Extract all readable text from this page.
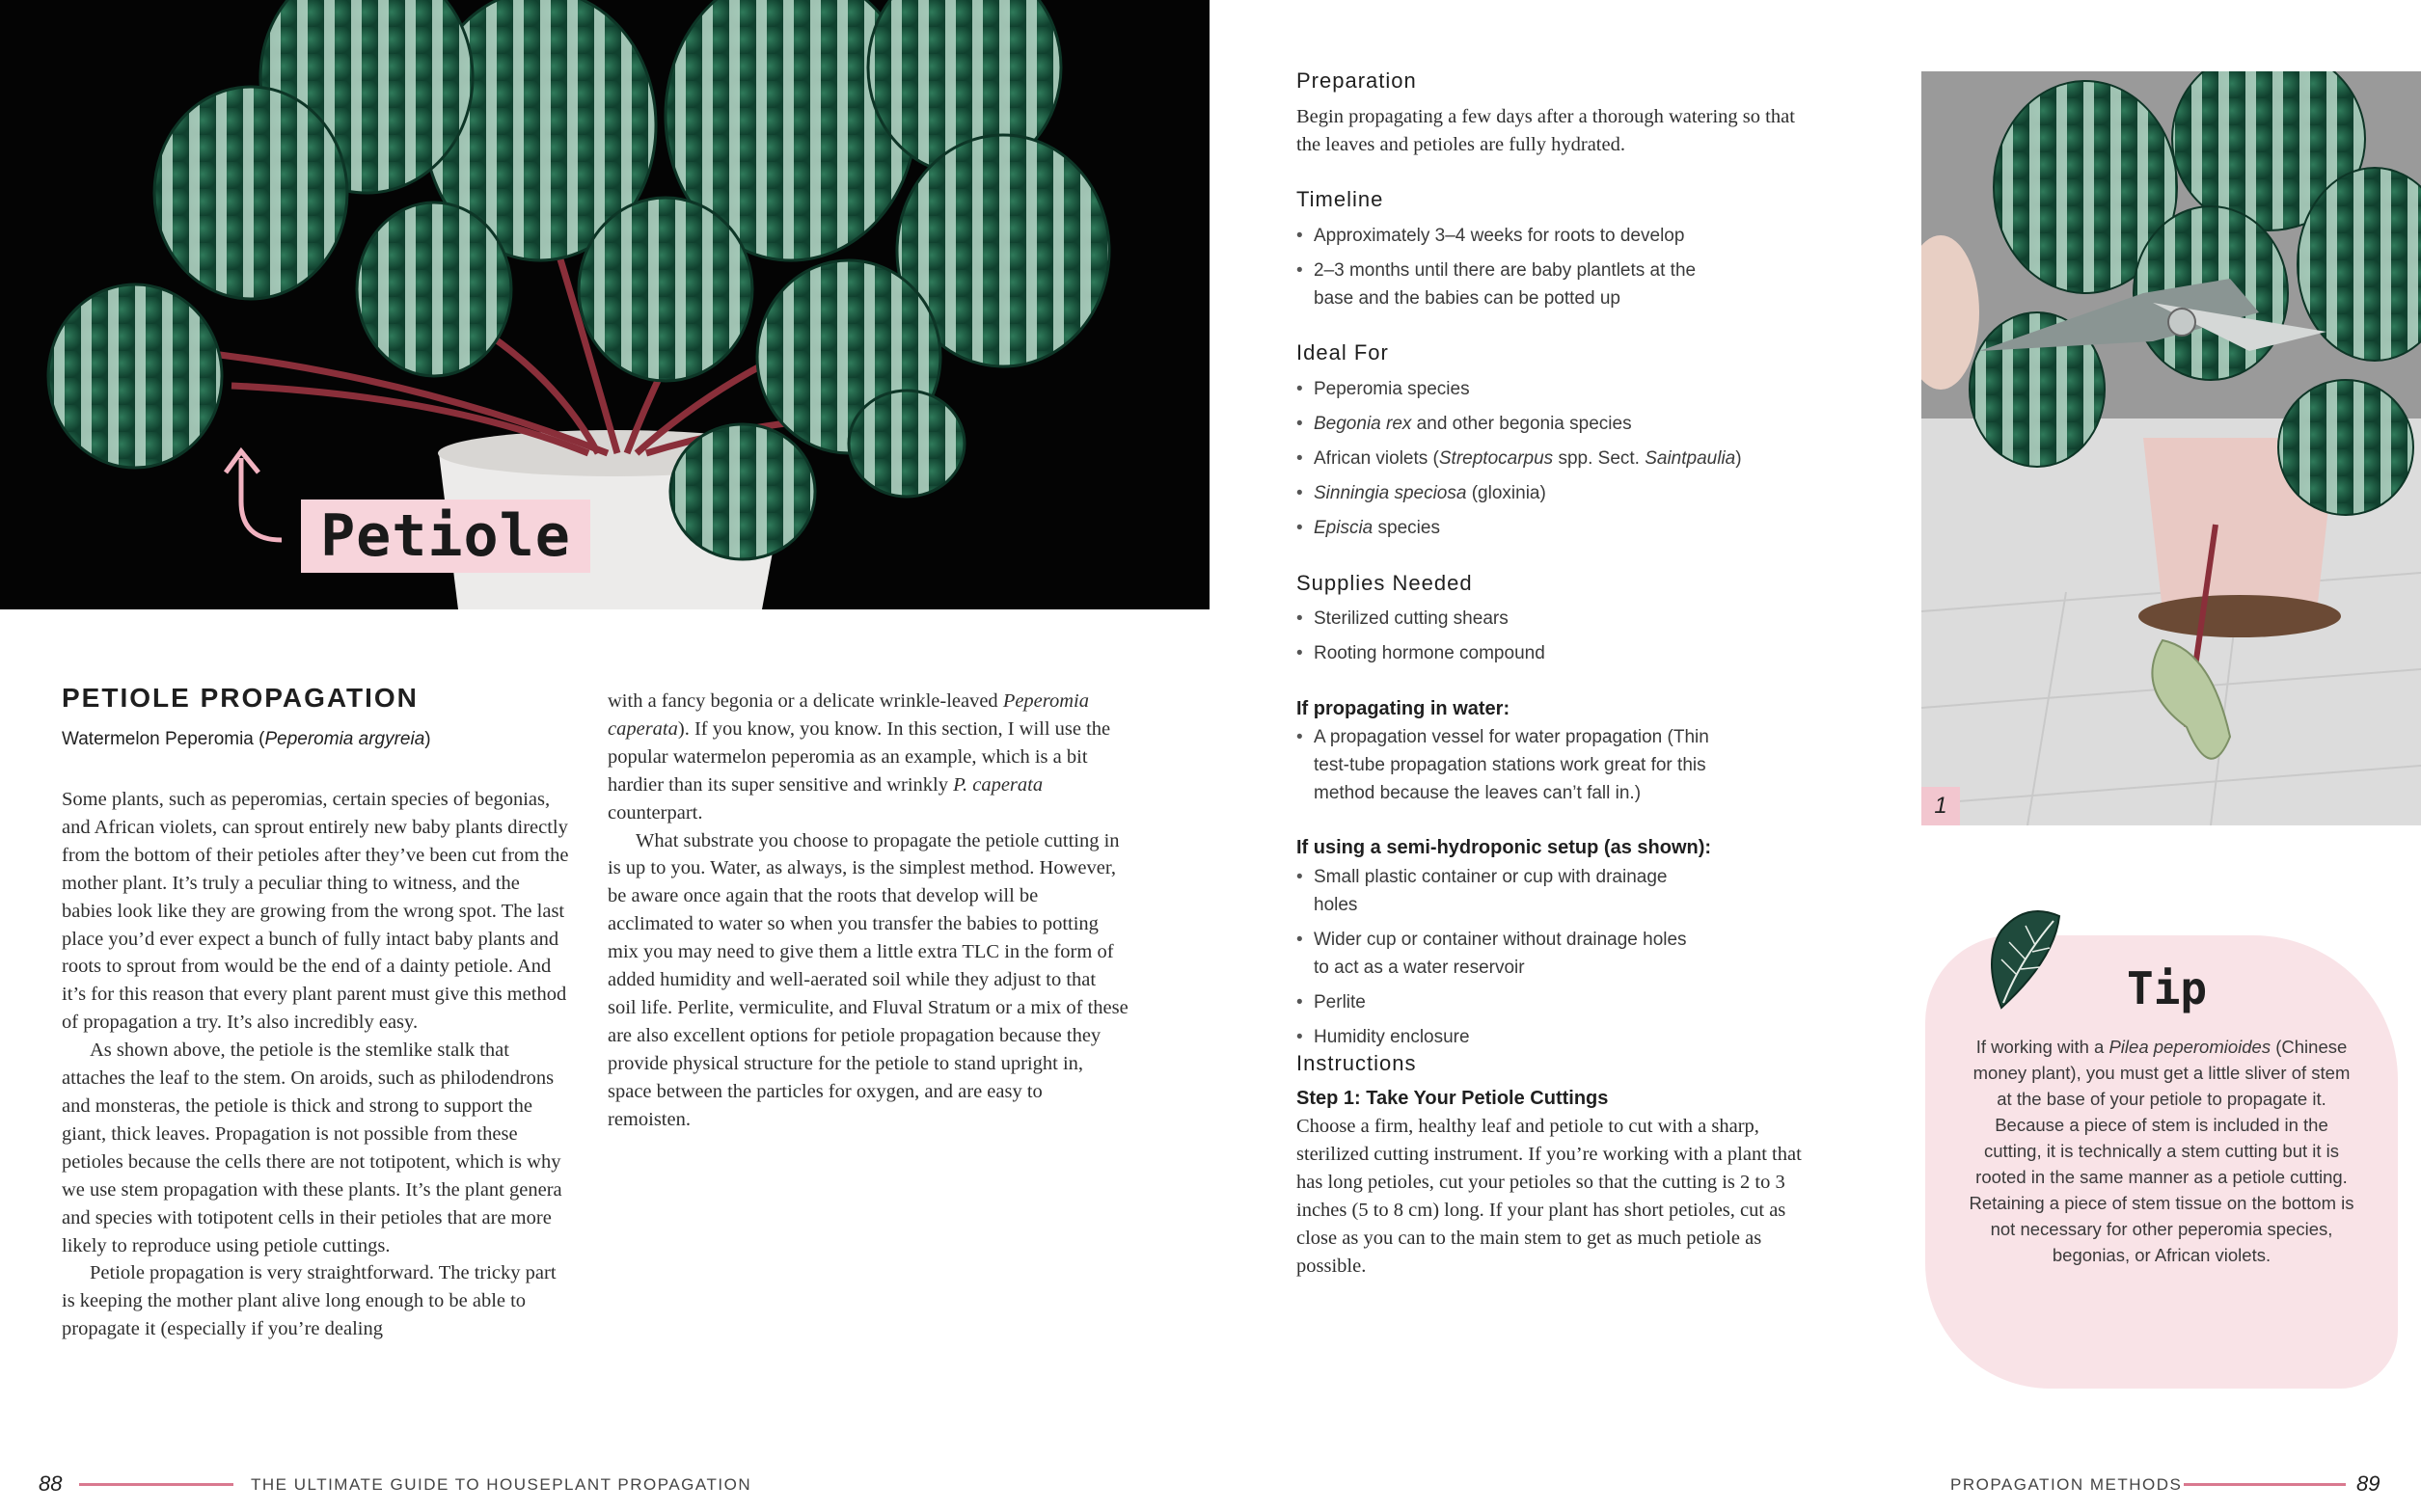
Petiole
PETIOLE PROPAGATION
Watermelon Peperomia (Peperomia argyreia)

Some plants, such as peperomias, certain species of begonias, and African violets, can sprout entirely new baby plants directly from the bottom of their petioles after they’ve been cut from the mother plant. It’s truly a peculiar thing to witness, and the babies look like they are growing from the wrong spot. The last place you’d ever expect a bunch of fully intact baby plants and roots to sprout from would be the end of a dainty petiole. And it’s for this reason that every plant parent must give this method of propagation a try. It’s also incredibly easy.

As shown above, the petiole is the stemlike stalk that attaches the leaf to the stem. On aroids, such as philodendrons and monsteras, the petiole is thick and strong to support the giant, thick leaves. Propagation is not possible from these petioles because the cells there are not totipotent, which is why we use stem propagation with these plants. It’s the plant genera and species with totipotent cells in their petioles that are more likely to reproduce using petiole cuttings.

Petiole propagation is very straightforward. The tricky part is keeping the mother plant alive long enough to be able to propagate it (especially if you’re dealing

with a fancy begonia or a delicate wrinkle-leaved Peperomia caperata). If you know, you know. In this section, I will use the popular watermelon peperomia as an example, which is a bit hardier than its super sensitive and wrinkly P. caperata counterpart.

What substrate you choose to propagate the petiole cutting in is up to you. Water, as always, is the simplest method. However, be aware once again that the roots that develop will be acclimated to water so when you transfer the babies to potting mix you may need to give them a little extra TLC in the form of added humidity and well-aerated soil while they adjust to that soil life. Perlite, vermiculite, and Fluval Stratum or a mix of these are also excellent options for petiole propagation because they provide physical structure for the petiole to stand upright in, space between the particles for oxygen, and are easy to remoisten.

Preparation
Begin propagating a few days after a thorough watering so that the leaves and petioles are fully hydrated.
Timeline
• Approximately 3–4 weeks for roots to develop
• 2–3 months until there are baby plantlets at the base and the babies can be potted up
Ideal For
• Peperomia species
• Begonia rex and other begonia species
• African violets (Streptocarpus spp. Sect. Saintpaulia)
• Sinningia speciosa (gloxinia)
• Episcia species
Supplies Needed
• Sterilized cutting shears
• Rooting hormone compound
If propagating in water:
• A propagation vessel for water propagation (Thin test-tube propagation stations work great for this method because the leaves can’t fall in.)
If using a semi-hydroponic setup (as shown):
• Small plastic container or cup with drainage holes
• Wider cup or container without drainage holes to act as a water reservoir
• Perlite
• Humidity enclosure
Instructions
Step 1: Take Your Petiole Cuttings
Choose a firm, healthy leaf and petiole to cut with a sharp, sterilized cutting instrument. If you’re working with a plant that has long petioles, cut your petioles so that the cutting is 2 to 3 inches (5 to 8 cm) long. If your plant has short petioles, cut as close as you can to the main stem to get as much petiole as possible.
1
Tip
If working with a Pilea peperomioides (Chinese money plant), you must get a little sliver of stem at the base of your petiole to propagate it. Because a piece of stem is included in the cutting, it is technically a stem cutting but it is rooted in the same manner as a petiole cutting. Retaining a piece of stem tissue on the bottom is not necessary for other peperomia species, begonias, or African violets.
88	THE ULTIMATE GUIDE TO HOUSEPLANT PROPAGATION	PROPAGATION METHODS	89
